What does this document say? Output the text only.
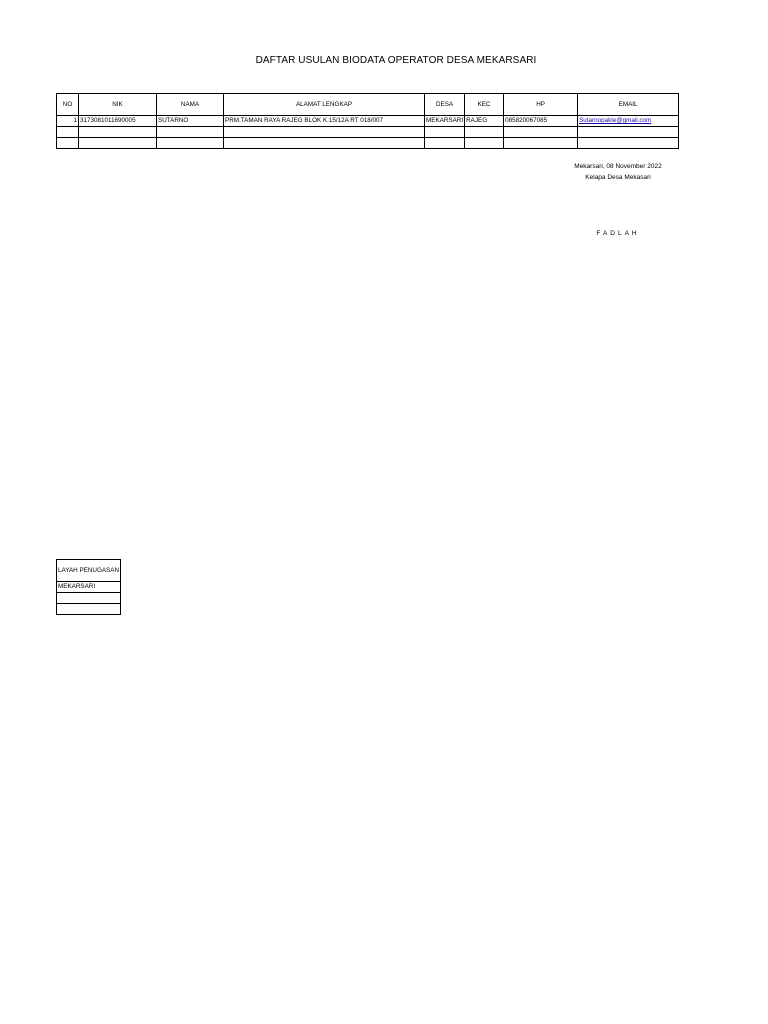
DAFTAR USULAN BIODATA OPERATOR DESA MEKARSARI
NO	NIK	NAMA	ALAMAT LENGKAP	DESA	KEC	HP	EMAIL
1	3173081011690005	SUTARNO	PRM.TAMAN RAYA RAJEG BLOK K.15/12A RT 018/007	MEKARSARI	RAJEG	085820067085	Sutarnopakle@gmail.com

Mekarsari, 08 November 2022
Kelapa Desa Mekasari
FADLAH
LAYAH PENUGASAN
MEKARSARI
